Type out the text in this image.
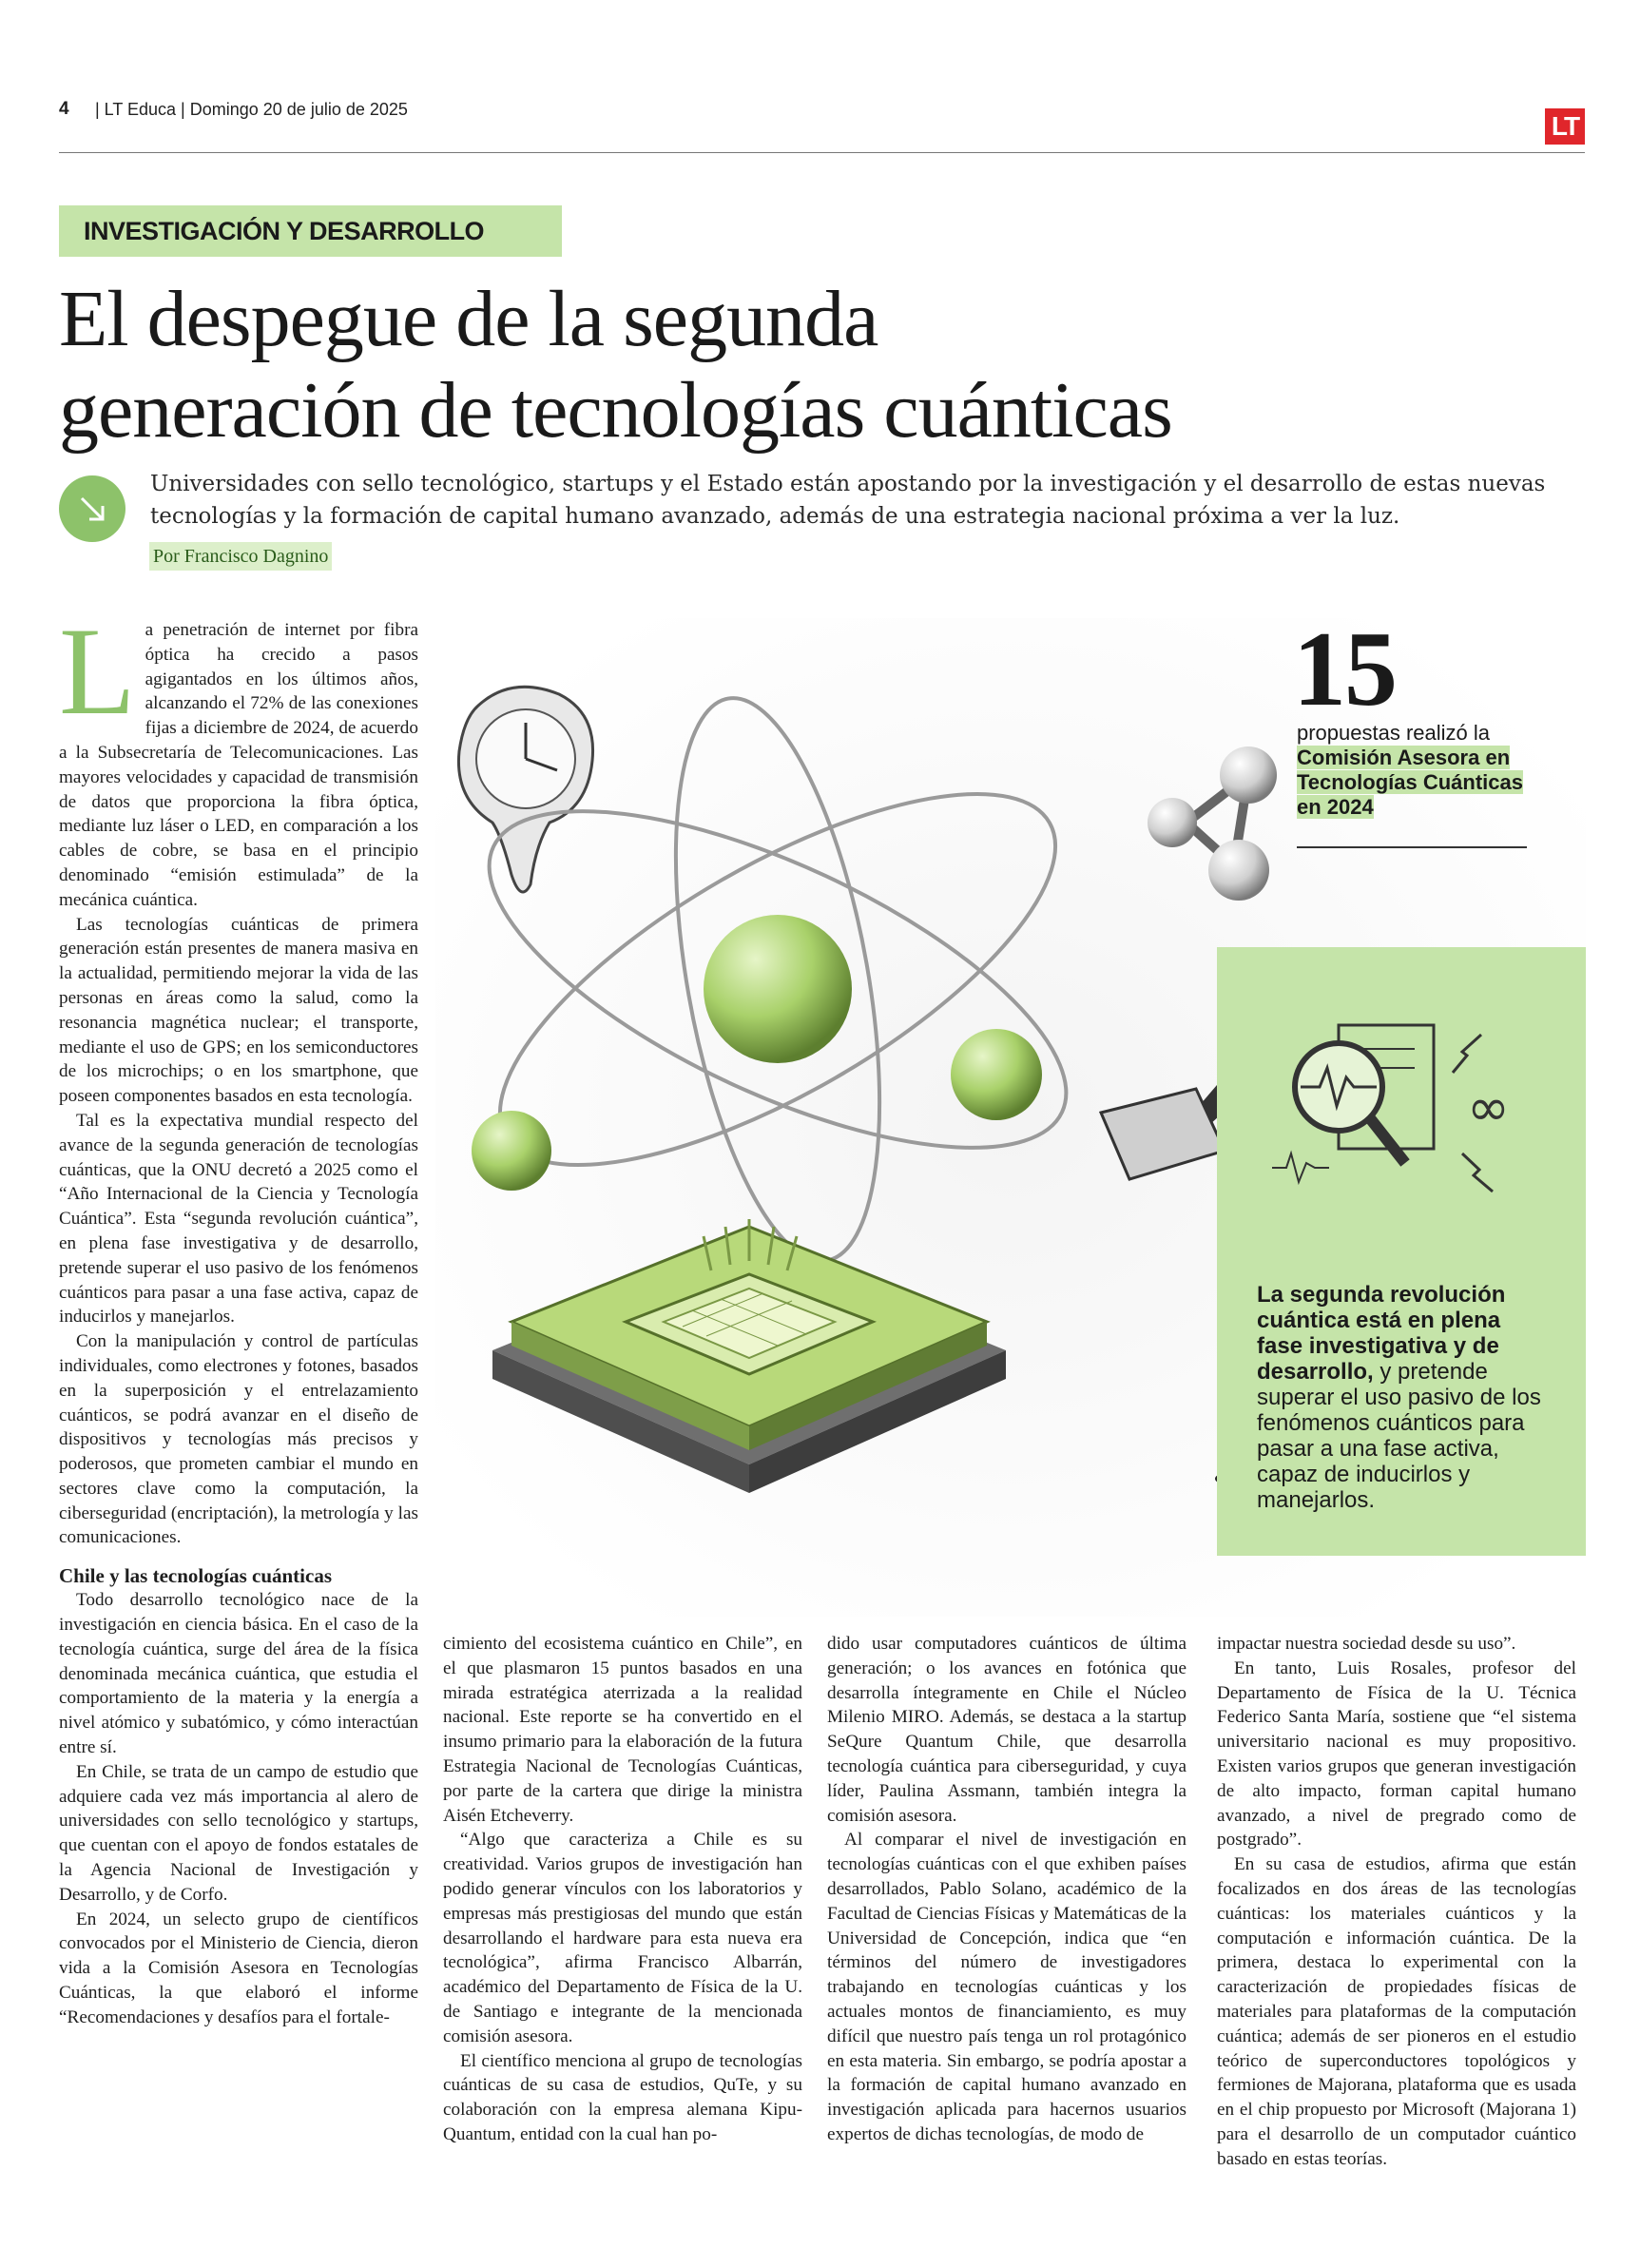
4 | LT Educa | Domingo 20 de julio de 2025
LT
INVESTIGACIÓN Y DESARROLLO
El despegue de la segunda
generación de tecnologías cuánticas

Universidades con sello tecnológico, startups y el Estado están apostando por la investigación y el desarrollo de estas nuevas tecnologías y la formación de capital humano avanzado, además de una estrategia nacional próxima a ver la luz.

Por Francisco Dagnino

La penetración de internet por fibra óptica ha crecido a pasos agigantados en los últimos años, alcanzando el 72% de las conexiones fijas a diciembre de 2024, de acuerdo a la Subsecretaría de Telecomunicaciones. Las mayores velocidades y capacidad de transmisión de datos que proporciona la fibra óptica, mediante luz láser o LED, en comparación a los cables de cobre, se basa en el principio denominado “emisión estimulada” de la mecánica cuántica.

Las tecnologías cuánticas de primera generación están presentes de manera masiva en la actualidad, permitiendo mejorar la vida de las personas en áreas como la salud, como la resonancia magnética nuclear; el transporte, mediante el uso de GPS; en los semiconductores de los microchips; o en los smartphone, que poseen componentes basados en esta tecnología.

Tal es la expectativa mundial respecto del avance de la segunda generación de tecnologías cuánticas, que la ONU decretó a 2025 como el “Año Internacional de la Ciencia y Tecnología Cuántica”. Esta “segunda revolución cuántica”, en plena fase investigativa y de desarrollo, pretende superar el uso pasivo de los fenómenos cuánticos para pasar a una fase activa, capaz de inducirlos y manejarlos.

Con la manipulación y control de partículas individuales, como electrones y fotones, basados en la superposición y el entrelazamiento cuánticos, se podrá avanzar en el diseño de dispositivos y tecnologías más precisos y poderosos, que prometen cambiar el mundo en sectores clave como la computación, la ciberseguridad (encriptación), la metrología y las comunicaciones.

Chile y las tecnologías cuánticas

Todo desarrollo tecnológico nace de la investigación en ciencia básica. En el caso de la tecnología cuántica, surge del área de la física denominada mecánica cuántica, que estudia el comportamiento de la materia y la energía a nivel atómico y subatómico, y cómo interactúan entre sí.

En Chile, se trata de un campo de estudio que adquiere cada vez más importancia al alero de universidades con sello tecnológico y startups, que cuentan con el apoyo de fondos estatales de la Agencia Nacional de Investigación y Desarrollo, y de Corfo.

En 2024, un selecto grupo de científicos convocados por el Ministerio de Ciencia, dieron vida a la Comisión Asesora en Tecnologías Cuánticas, la que elaboró el informe “Recomendaciones y desafíos para el fortale-

15
propuestas realizó la
Comisión Asesora en Tecnologías Cuánticas en 2024
∞
La segunda revolución cuántica está en plena fase investigativa y de desarrollo, y pretende superar el uso pasivo de los fenómenos cuánticos para pasar a una fase activa, capaz de inducirlos y manejarlos.

cimiento del ecosistema cuántico en Chile”, en el que plasmaron 15 puntos basados en una mirada estratégica aterrizada a la realidad nacional. Este reporte se ha convertido en el insumo primario para la elaboración de la futura Estrategia Nacional de Tecnologías Cuánticas, por parte de la cartera que dirige la ministra Aisén Etcheverry.

“Algo que caracteriza a Chile es su creatividad. Varios grupos de investigación han podido generar vínculos con los laboratorios y empresas más prestigiosas del mundo que están desarrollando el hardware para esta nueva era tecnológica”, afirma Francisco Albarrán, académico del Departamento de Física de la U. de Santiago e integrante de la mencionada comisión asesora.

El científico menciona al grupo de tecnologías cuánticas de su casa de estudios, QuTe, y su colaboración con la empresa alemana Kipu-Quantum, entidad con la cual han po-

dido usar computadores cuánticos de última generación; o los avances en fotónica que desarrolla íntegramente en Chile el Núcleo Milenio MIRO. Además, se destaca a la startup SeQure Quantum Chile, que desarrolla tecnología cuántica para ciberseguridad, y cuya líder, Paulina Assmann, también integra la comisión asesora.

Al comparar el nivel de investigación en tecnologías cuánticas con el que exhiben países desarrollados, Pablo Solano, académico de la Facultad de Ciencias Físicas y Matemáticas de la Universidad de Concepción, indica que “en términos del número de investigadores trabajando en tecnologías cuánticas y los actuales montos de financiamiento, es muy difícil que nuestro país tenga un rol protagónico en esta materia. Sin embargo, se podría apostar a la formación de capital humano avanzado en investigación aplicada para hacernos usuarios expertos de dichas tecnologías, de modo de

impactar nuestra sociedad desde su uso”.

En tanto, Luis Rosales, profesor del Departamento de Física de la U. Técnica Federico Santa María, sostiene que “el sistema universitario nacional es muy propositivo. Existen varios grupos que generan investigación de alto impacto, forman capital humano avanzado, a nivel de pregrado como de postgrado”.

En su casa de estudios, afirma que están focalizados en dos áreas de las tecnologías cuánticas: los materiales cuánticos y la computación e información cuántica. De la primera, destaca lo experimental con la caracterización de propiedades físicas de materiales para plataformas de la computación cuántica; además de ser pioneros en el estudio teórico de superconductores topológicos y fermiones de Majorana, plataforma que es usada en el chip propuesto por Microsoft (Majorana 1) para el desarrollo de un computador cuántico basado en estas teorías.
